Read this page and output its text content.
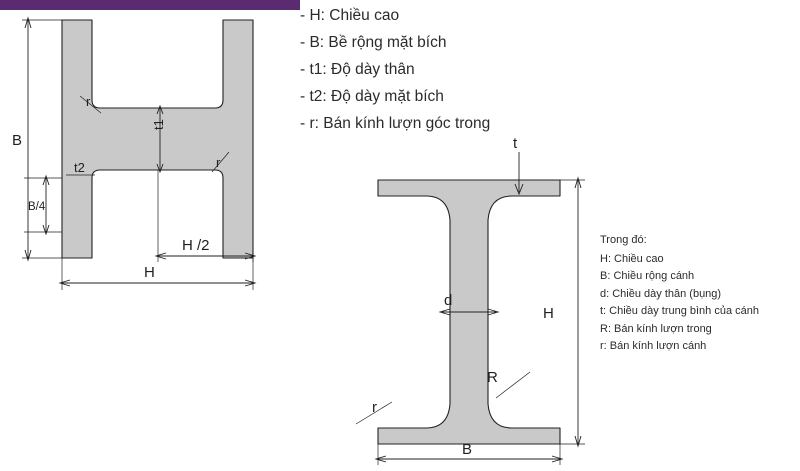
- H: Chiều cao
- B: Bề rộng mặt bích
- t1: Độ dày thân
- t2: Độ dày mặt bích
- r: Bán kính lượn góc trong
Trong đó:
H: Chiều cao
B: Chiều rộng cánh
d: Chiều dày thân (bụng)
t: Chiều dày trung bình của cánh
R: Bán kính lượn trong
r: Bán kính lượn cánh
r
r
t1
t2
B
B/4
H /2
H
t
d
r
R
H
B
